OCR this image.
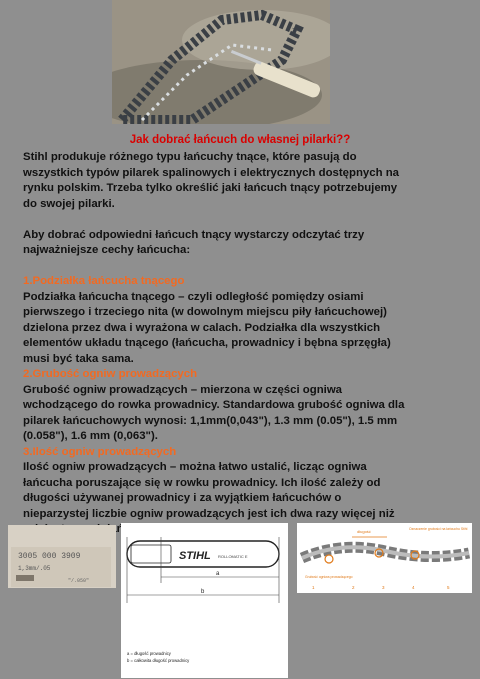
Jak dobrać łańcuch do własnej pilarki??

Stihl produkuje różnego typu łańcuchy tnące, które pasują do

wszystkich typów pilarek spalinowych i elektrycznych dostępnych na

rynku polskim. Trzeba tylko określić jaki łańcuch tnący potrzebujemy

do swojej pilarki.

Aby dobrać odpowiedni łańcuch tnący wystarczy odczytać trzy

najważniejsze cechy łańcucha:

1.Podziałka łańcucha tnącego

Podziałka łańcucha tnącego – czyli odległość pomiędzy osiami

pierwszego i trzeciego nita (w dowolnym miejscu piły łańcuchowej)

dzielona przez dwa i wyrażona w calach. Podziałka dla wszystkich

elementów układu tnącego (łańcucha, prowadnicy i bębna sprzęgła)

musi być taka sama.

2.Grubość ogniw prowadzących

Grubość ogniw prowadzących – mierzona w części ogniwa

wchodzącego do rowka prowadnicy. Standardowa grubość ogniwa dla

pilarek łańcuchowych wynosi: 1,1mm(0,043"), 1.3 mm (0.05"), 1.5 mm

(0.058"), 1.6 mm (0,063").

3.Ilość ogniw prowadzących

Ilość ogniw prowadzących – można łatwo ustalić, licząc ogniwa

łańcucha poruszające się w rowku prowadnicy. Ich ilość zależy od

długości używanej prowadnicy i za wyjątkiem łańcuchów o

nieparzystej liczbie ogniw prowadzących jest ich dwa razy więcej niż

3005 000 3909
1,3mm/.05
"/.050"
STIHL ROLLOMATIC E
a
b
a = długość prowadnicy
b = całkowita długość prowadnicy
długość	Oznaczenie grubości na łańcuchu Stihl
Grubość ogniwa prowadzącego
1	2	3	4	5
